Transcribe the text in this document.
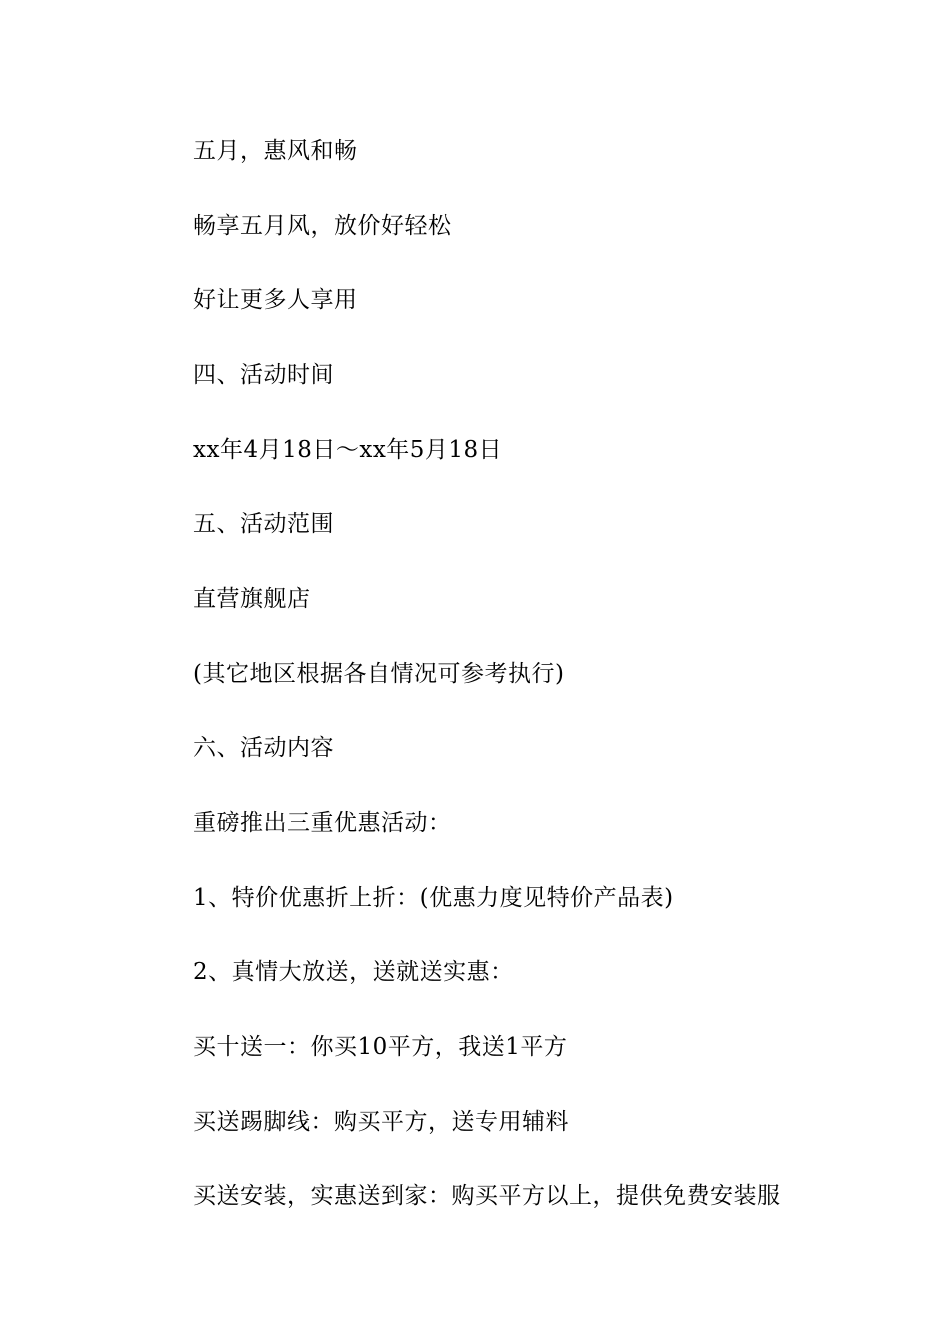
五月，惠风和畅
畅享五月风，放价好轻松
好让更多人享用
四、活动时间
xx年4月18日～xx年5月18日
五、活动范围
直营旗舰店
(其它地区根据各自情况可参考执行)
六、活动内容
重磅推出三重优惠活动：
1、特价优惠折上折：(优惠力度见特价产品表)
2、真情大放送，送就送实惠：
买十送一：你买10平方，我送1平方
买送踢脚线：购买平方，送专用辅料
买送安装，实惠送到家：购买平方以上，提供免费安装服
